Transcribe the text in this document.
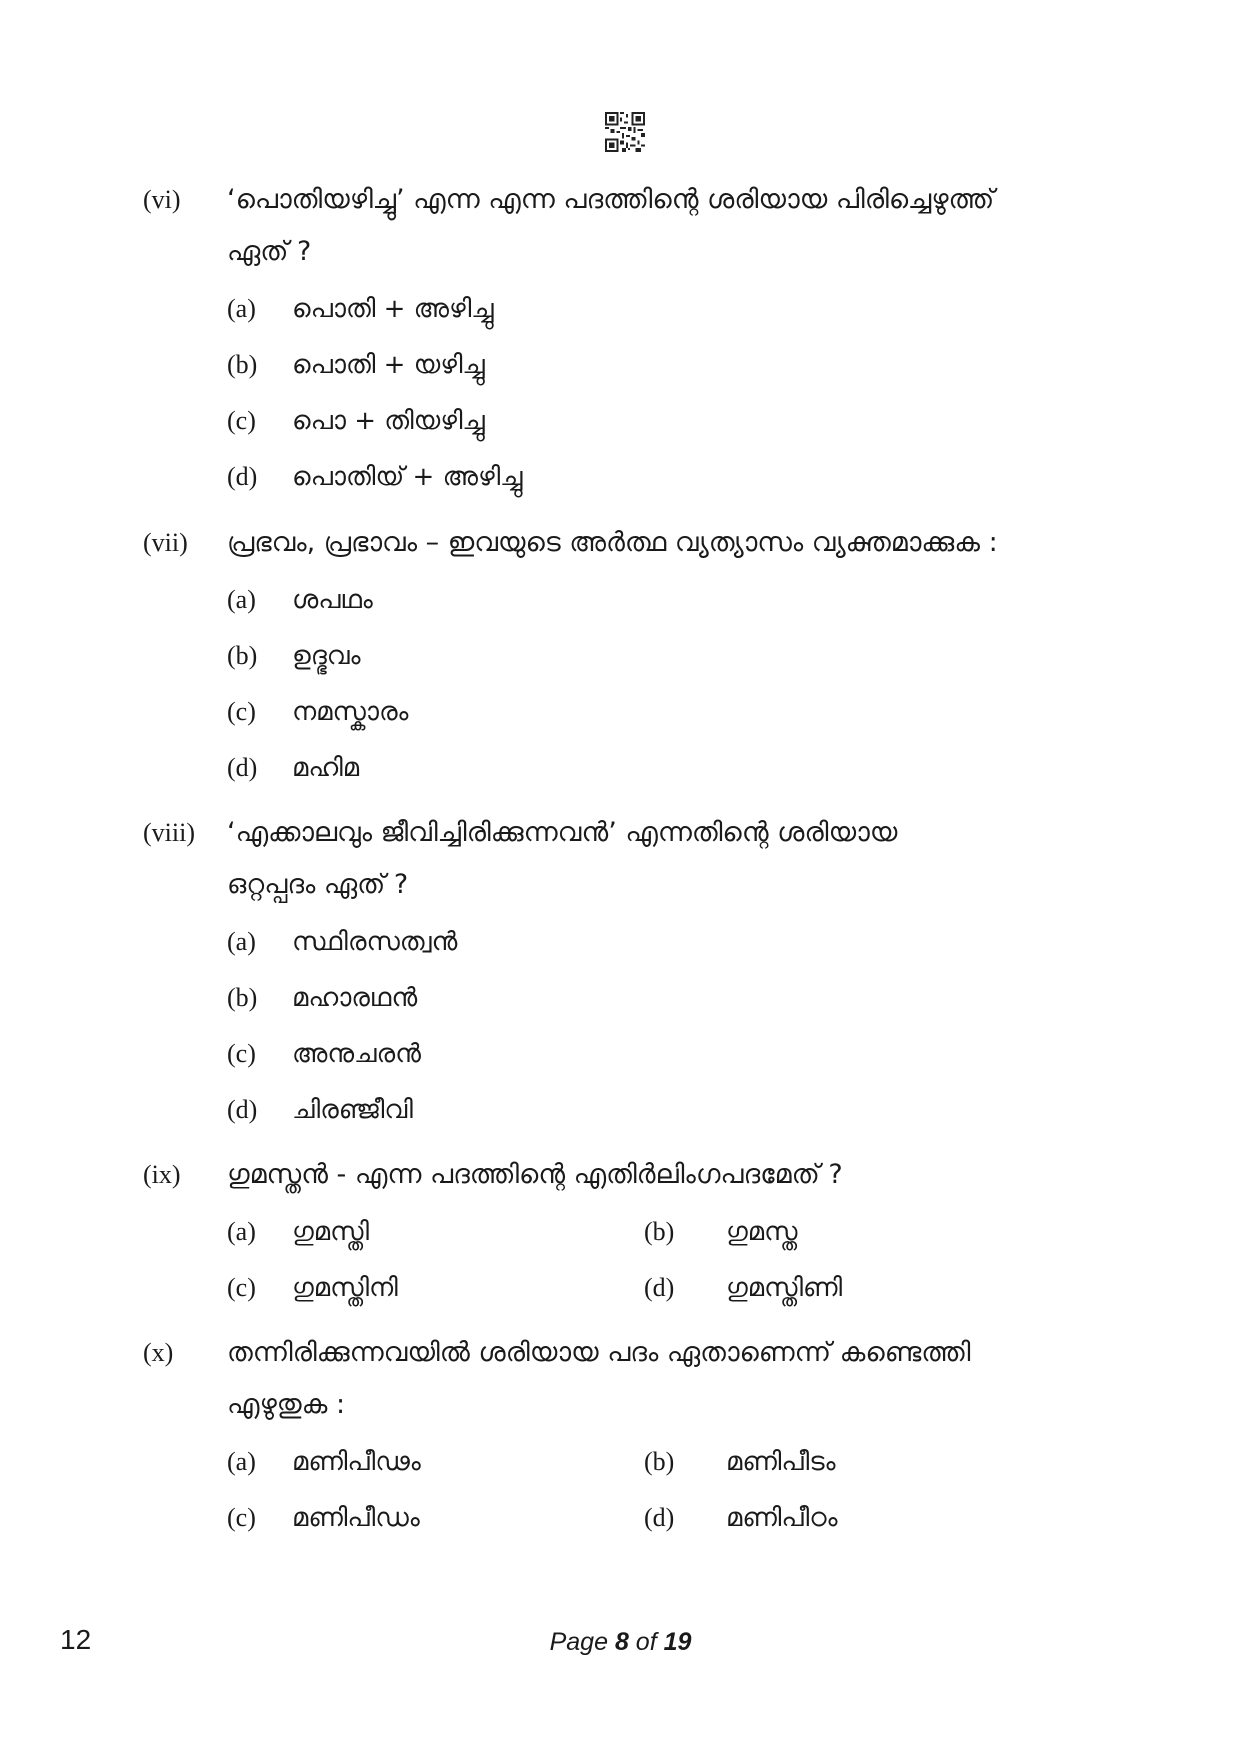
(vi) ‘പൊതിയഴിച്ചു’ എന്ന എന്ന പദത്തിന്റെ ശരിയായ പിരിച്ചെഴുത്ത്
ഏത് ?
(a) പൊതി + അഴിച്ചു
(b) പൊതി + യഴിച്ചു
(c) പൊ + തിയഴിച്ചു
(d) പൊതിയ് + അഴിച്ചു
(vii) പ്രഭവം, പ്രഭാവം – ഇവയുടെ അർത്ഥ വ്യത്യാസം വ്യക്തമാക്കുക :
(a) ശപഥം
(b) ഉദ്ഭവം
(c) നമസ്കാരം
(d) മഹിമ
(viii) ‘എക്കാലവും ജീവിച്ചിരിക്കുന്നവൻ’ എന്നതിന്റെ ശരിയായ
ഒറ്റപ്പദം ഏത് ?
(a) സ്ഥിരസത്വൻ
(b) മഹാരഥൻ
(c) അനുചരൻ
(d) ചിരഞ്ജീവി
(ix) ഗുമസ്തൻ - എന്ന പദത്തിന്റെ എതിർലിംഗപദമേത് ?
(a) ഗുമസ്തി	(b) ഗുമസ്ത
(c) ഗുമസ്തിനി	(d) ഗുമസ്തിണി
(x) തന്നിരിക്കുന്നവയിൽ ശരിയായ പദം ഏതാണെന്ന് കണ്ടെത്തി
എഴുതുക :
(a) മണിപീഢം	(b) മണിപീടം
(c) മണിപീഡം	(d) മണിപീഠം
12	Page 8 of 19
